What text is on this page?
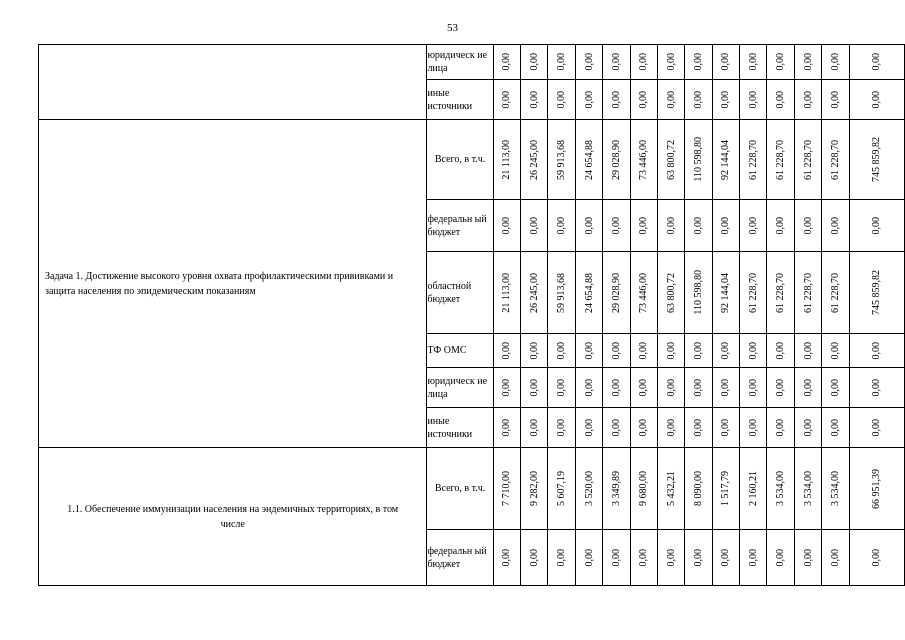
53
	юридическ ие лица	0,00	0,00	0,00	0,00	0,00	0,00	0,00	0,00	0,00	0,00	0,00	0,00	0,00	0,00

	иные источники	0,00	0,00	0,00	0,00	0,00	0,00	0,00	0,00	0,00	0,00	0,00	0,00	0,00	0,00

Задача 1. Достижение высокого уровня охвата профилактическими прививками и защита населения по эпидемическим показаниям	Всего, в т.ч.	21 113,00	26 245,00	59 913,68	24 654,88	29 028,90	73 446,00	63 800,72	110 598,80	92 144,04	61 228,70	61 228,70	61 228,70	61 228,70	745 859,82

	федеральн ый бюджет	0,00	0,00	0,00	0,00	0,00	0,00	0,00	0,00	0,00	0,00	0,00	0,00	0,00	0,00

	областной бюджет	21 113,00	26 245,00	59 913,68	24 654,88	29 028,90	73 446,00	63 800,72	110 598,80	92 144,04	61 228,70	61 228,70	61 228,70	61 228,70	745 859,82

	ТФ ОМС	0,00	0,00	0,00	0,00	0,00	0,00	0,00	0,00	0,00	0,00	0,00	0,00	0,00	0,00

	юридическ ие лица	0,00	0,00	0,00	0,00	0,00	0,00	0,00	0,00	0,00	0,00	0,00	0,00	0,00	0,00

	иные источники	0,00	0,00	0,00	0,00	0,00	0,00	0,00	0,00	0,00	0,00	0,00	0,00	0,00	0,00

1.1. Обеспечение иммунизации населения на эндемичных территориях, в том числе	Всего, в т.ч.	7 710,00	9 282,00	5 607,19	3 520,00	3 349,89	9 680,00	5 432,21	8 090,00	1 517,79	2 160,21	3 534,00	3 534,00	3 534,00	66 951,39

	федеральн ый бюджет	0,00	0,00	0,00	0,00	0,00	0,00	0,00	0,00	0,00	0,00	0,00	0,00	0,00	0,00
